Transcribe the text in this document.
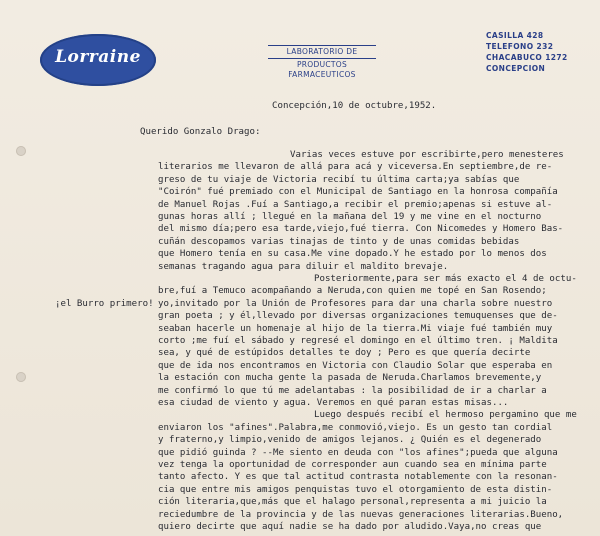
Lorraine	LABORATORIO DE
PRODUCTOS FARMACEUTICOS
CASILLA 428
TELEFONO 232
CHACABUCO 1272
CONCEPCION
Concepción,10 de octubre,1952.
Querido Gonzalo Drago:
¡el Burro primero!
Varias veces estuve por escribirte,pero menesteres
literarios me llevaron de allá para acá y viceversa.En septiembre,de re-
greso de tu viaje de Victoria recibí tu última carta;ya sabías que
"Coirón" fué premiado con el Municipal de Santiago en la honrosa compañía
de Manuel Rojas .Fuí a Santiago,a recibir el premio;apenas si estuve al-
gunas horas allí ; llegué en la mañana del 19 y me vine en el nocturno
del mismo día;pero esa tarde,viejo,fué tierra. Con Nicomedes y Homero Bas-
cuñán descopamos varias tinajas de tinto y de unas comidas bebidas
que Homero tenía en su casa.Me vine dopado.Y he estado por lo menos dos
semanas tragando agua para diluir el maldito brevaje.
Posteriormente,para ser más exacto el 4 de octu-
bre,fuí a Temuco acompañando a Neruda,con quien me topé en San Rosendo;
yo,invitado por la Unión de Profesores para dar una charla sobre nuestro
gran poeta ; y él,llevado por diversas organizaciones temuquenses que de-
seaban hacerle un homenaje al hijo de la tierra.Mi viaje fué también muy
corto ;me fuí el sábado y regresé el domingo en el último tren. ¡ Maldita
sea, y qué de estúpidos detalles te doy ; Pero es que quería decirte
que de ida nos encontramos en Victoria con Claudio Solar que esperaba en
la estación con mucha gente la pasada de Neruda.Charlamos brevemente,y
me confirmó lo que tú me adelantabas : la posibilidad de ir a charlar a
esa ciudad de viento y agua. Veremos en qué paran estas misas...
Luego después recibí el hermoso pergamino que me
enviaron los "afines".Palabra,me conmovió,viejo. Es un gesto tan cordial
y fraterno,y limpio,venido de amigos lejanos. ¿ Quién es el degenerado
que pidió guinda ? --Me siento en deuda con "los afines";pueda que alguna
vez tenga la oportunidad de corresponder aun cuando sea en mínima parte
tanto afecto. Y es que tal actitud contrasta notablemente con la resonan-
cia que entre mis amigos penquistas tuvo el otorgamiento de esta distin-
ción literaria,que,más que el halago personal,representa a mi juicio la
reciedumbre de la provincia y de las nuevas generaciones literarias.Bueno,
quiero decirte que aquí nadie se ha dado por aludido.Vaya,no creas que
